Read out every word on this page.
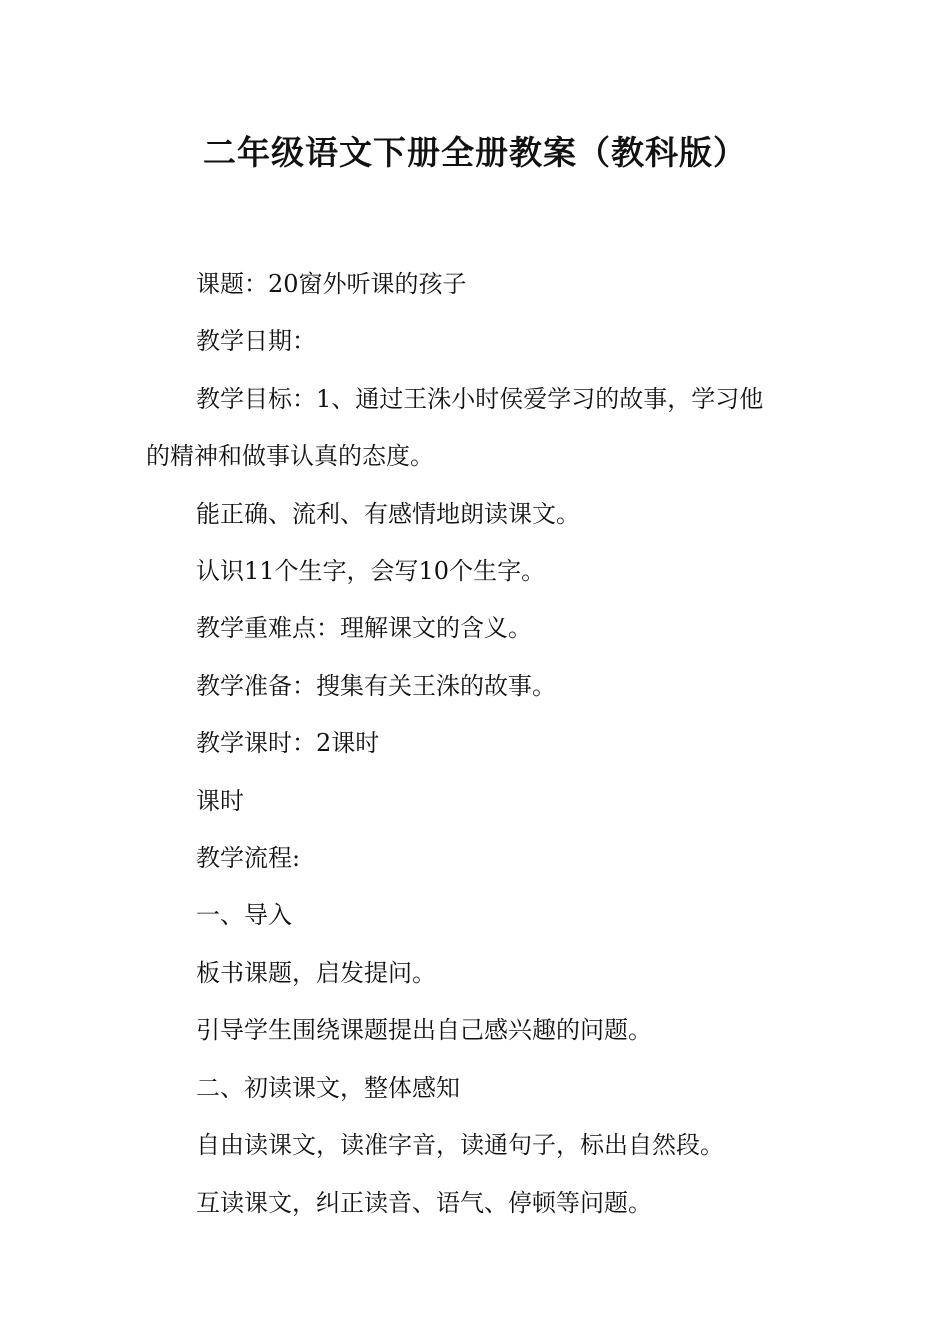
二年级语文下册全册教案（教科版）
课题：20窗外听课的孩子
教学日期：
教学目标：1、通过王洙小时侯爱学习的故事，学习他
的精神和做事认真的态度。
能正确、流利、有感情地朗读课文。
认识11个生字，会写10个生字。
教学重难点：理解课文的含义。
教学准备：搜集有关王洙的故事。
教学课时：2课时
课时
教学流程:
一、导入
板书课题，启发提问。
引导学生围绕课题提出自己感兴趣的问题。
二、初读课文，整体感知
自由读课文，读准字音，读通句子，标出自然段。
互读课文，纠正读音、语气、停顿等问题。
